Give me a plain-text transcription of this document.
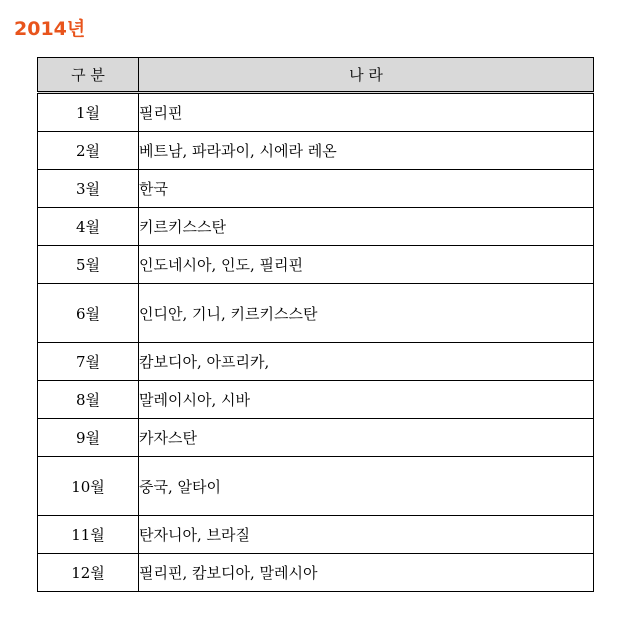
2014년
구 분	나 라
1월	필리핀
2월	베트남, 파라과이, 시에라 레온
3월	한국
4월	키르키스스탄
5월	인도네시아, 인도, 필리핀
6월	인디안, 기니, 키르키스스탄
7월	캄보디아, 아프리카,
8월	말레이시아, 시바
9월	카자스탄
10월	중국, 알타이
11월	탄자니아, 브라질
12월	필리핀, 캄보디아, 말레시아
